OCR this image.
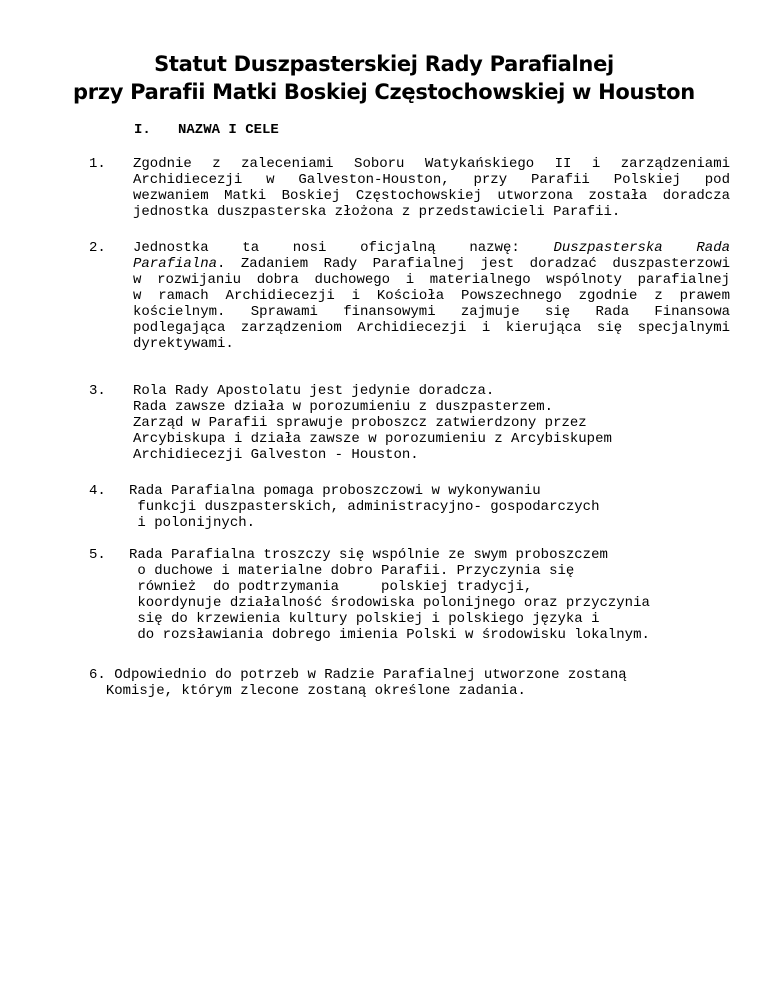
Statut Duszpasterskiej Rady Parafialnej
przy Parafii Matki Boskiej Częstochowskiej w Houston
I. NAZWA I CELE
1. Zgodnie z zaleceniami Soboru Watykańskiego II i zarządzeniami
Archidiecezji w Galveston-Houston, przy Parafii Polskiej pod
wezwaniem Matki Boskiej Częstochowskiej utworzona została doradcza
jednostka duszpasterska złożona z przedstawicieli Parafii.
2. Jednostka ta nosi oficjalną nazwę: Duszpasterska Rada
Parafialna. Zadaniem Rady Parafialnej jest doradzać duszpasterzowi
w rozwijaniu dobra duchowego i materialnego wspólnoty parafialnej
w ramach Archidiecezji i Kościoła Powszechnego zgodnie z prawem
kościelnym. Sprawami finansowymi zajmuje się Rada Finansowa
podlegająca zarządzeniom Archidiecezji i kierująca się specjalnymi
dyrektywami.
3. Rola Rady Apostolatu jest jedynie doradcza.
Rada zawsze działa w porozumieniu z duszpasterzem.
Zarząd w Parafii sprawuje proboszcz zatwierdzony przez
Arcybiskupa i działa zawsze w porozumieniu z Arcybiskupem
Archidiecezji Galveston - Houston.
4. Rada Parafialna pomaga proboszczowi w wykonywaniu
funkcji duszpasterskich, administracyjno- gospodarczych
i polonijnych.
5. Rada Parafialna troszczy się wspólnie ze swym proboszczem
o duchowe i materialne dobro Parafii. Przyczynia się
również  do podtrzymania     polskiej tradycji,
koordynuje działalność środowiska polonijnego oraz przyczynia
się do krzewienia kultury polskiej i polskiego języka i
do rozsławiania dobrego imienia Polski w środowisku lokalnym.
6. Odpowiednio do potrzeb w Radzie Parafialnej utworzone zostaną
Komisje, którym zlecone zostaną określone zadania.
